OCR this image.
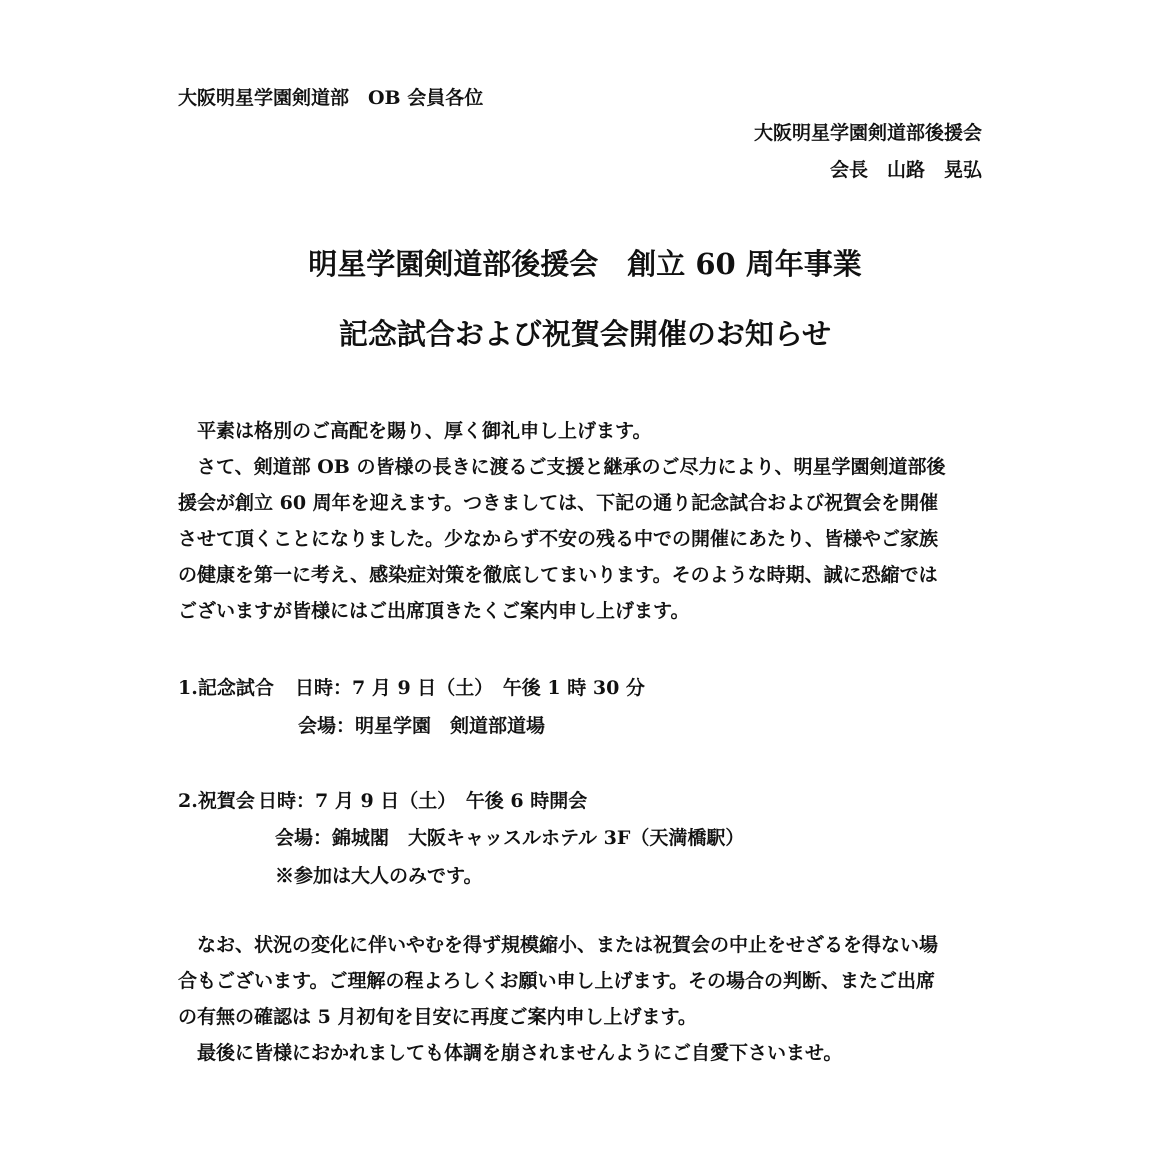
大阪明星学園剣道部　OB 会員各位
大阪明星学園剣道部後援会
会長　山路　晃弘
明星学園剣道部後援会　創立 60 周年事業
記念試合および祝賀会開催のお知らせ
　平素は格別のご高配を賜り、厚く御礼申し上げます。
　さて、剣道部 OB の皆様の長きに渡るご支援と継承のご尽力により、明星学園剣道部後
援会が創立 60 周年を迎えます。つきましては、下記の通り記念試合および祝賀会を開催
させて頂くことになりました。少なからず不安の残る中での開催にあたり、皆様やご家族
の健康を第一に考え、感染症対策を徹底してまいります。そのような時期、誠に恐縮では
ございますが皆様にはご出席頂きたくご案内申し上げます。
1.記念試合 日時：7 月 9 日（土）　午後 1 時 30 分
会場：明星学園　剣道部道場
2.祝賀会 日時：7 月 9 日（土）　午後 6 時開会
会場：錦城閣　大阪キャッスルホテル 3F（天満橋駅）
※参加は大人のみです。
　なお、状況の変化に伴いやむを得ず規模縮小、または祝賀会の中止をせざるを得ない場
合もございます。ご理解の程よろしくお願い申し上げます。その場合の判断、またご出席
の有無の確認は 5 月初旬を目安に再度ご案内申し上げます。
　最後に皆様におかれましても体調を崩されませんようにご自愛下さいませ。
